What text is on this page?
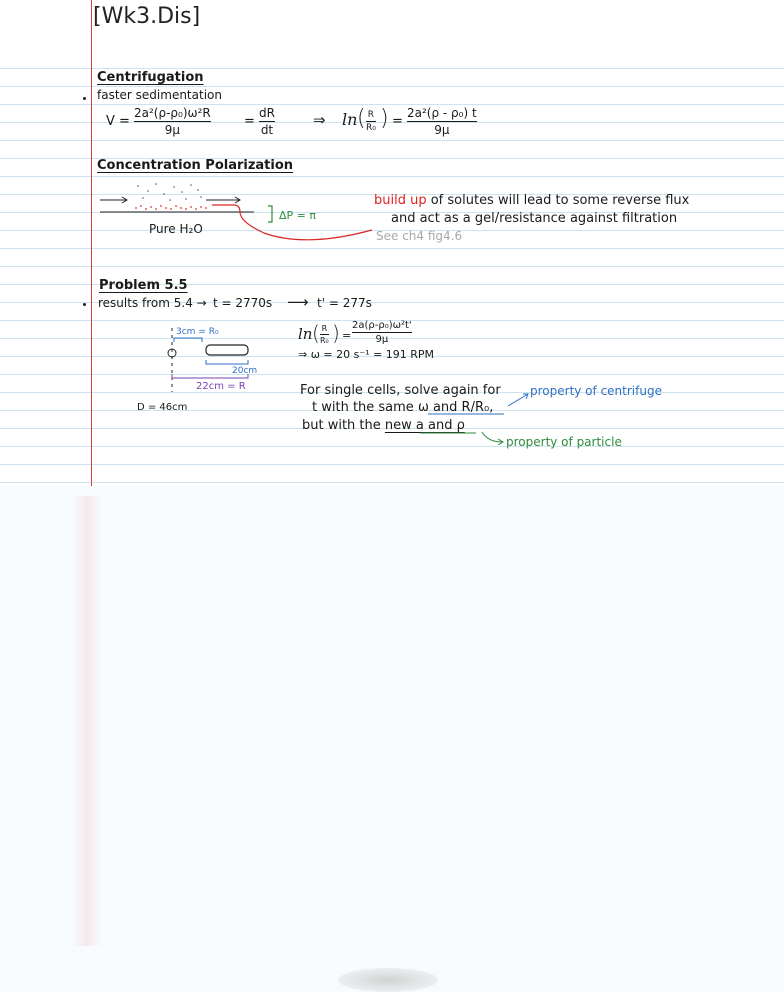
[Wk3.Dis]
Centrifugation
faster sedimentation
V =
2a²(ρ-ρ₀)ω²R
9μ
=
dR
dt
⇒ ln ( R
R₀ ) =
2a²(ρ - ρ₀) t
9μ
Concentration Polarization
Pure H₂O
ΔP = π
build up of solutes will lead to some reverse flux
and act as a gel/resistance against filtration
See ch4 fig4.6
Problem 5.5
results from 5.4 → t = 2770s ⟶ t' = 277s
3cm = R₀
20cm
22cm = R
D = 46cm
ln ( R
R₀ ) =
2a(ρ-ρ₀)ω²t'
9μ
⇒ ω = 20 s⁻¹ = 191 RPM
For single cells, solve again for
t with the same ω and R/R₀,
but with the new a and ρ
property of centrifuge
property of particle
